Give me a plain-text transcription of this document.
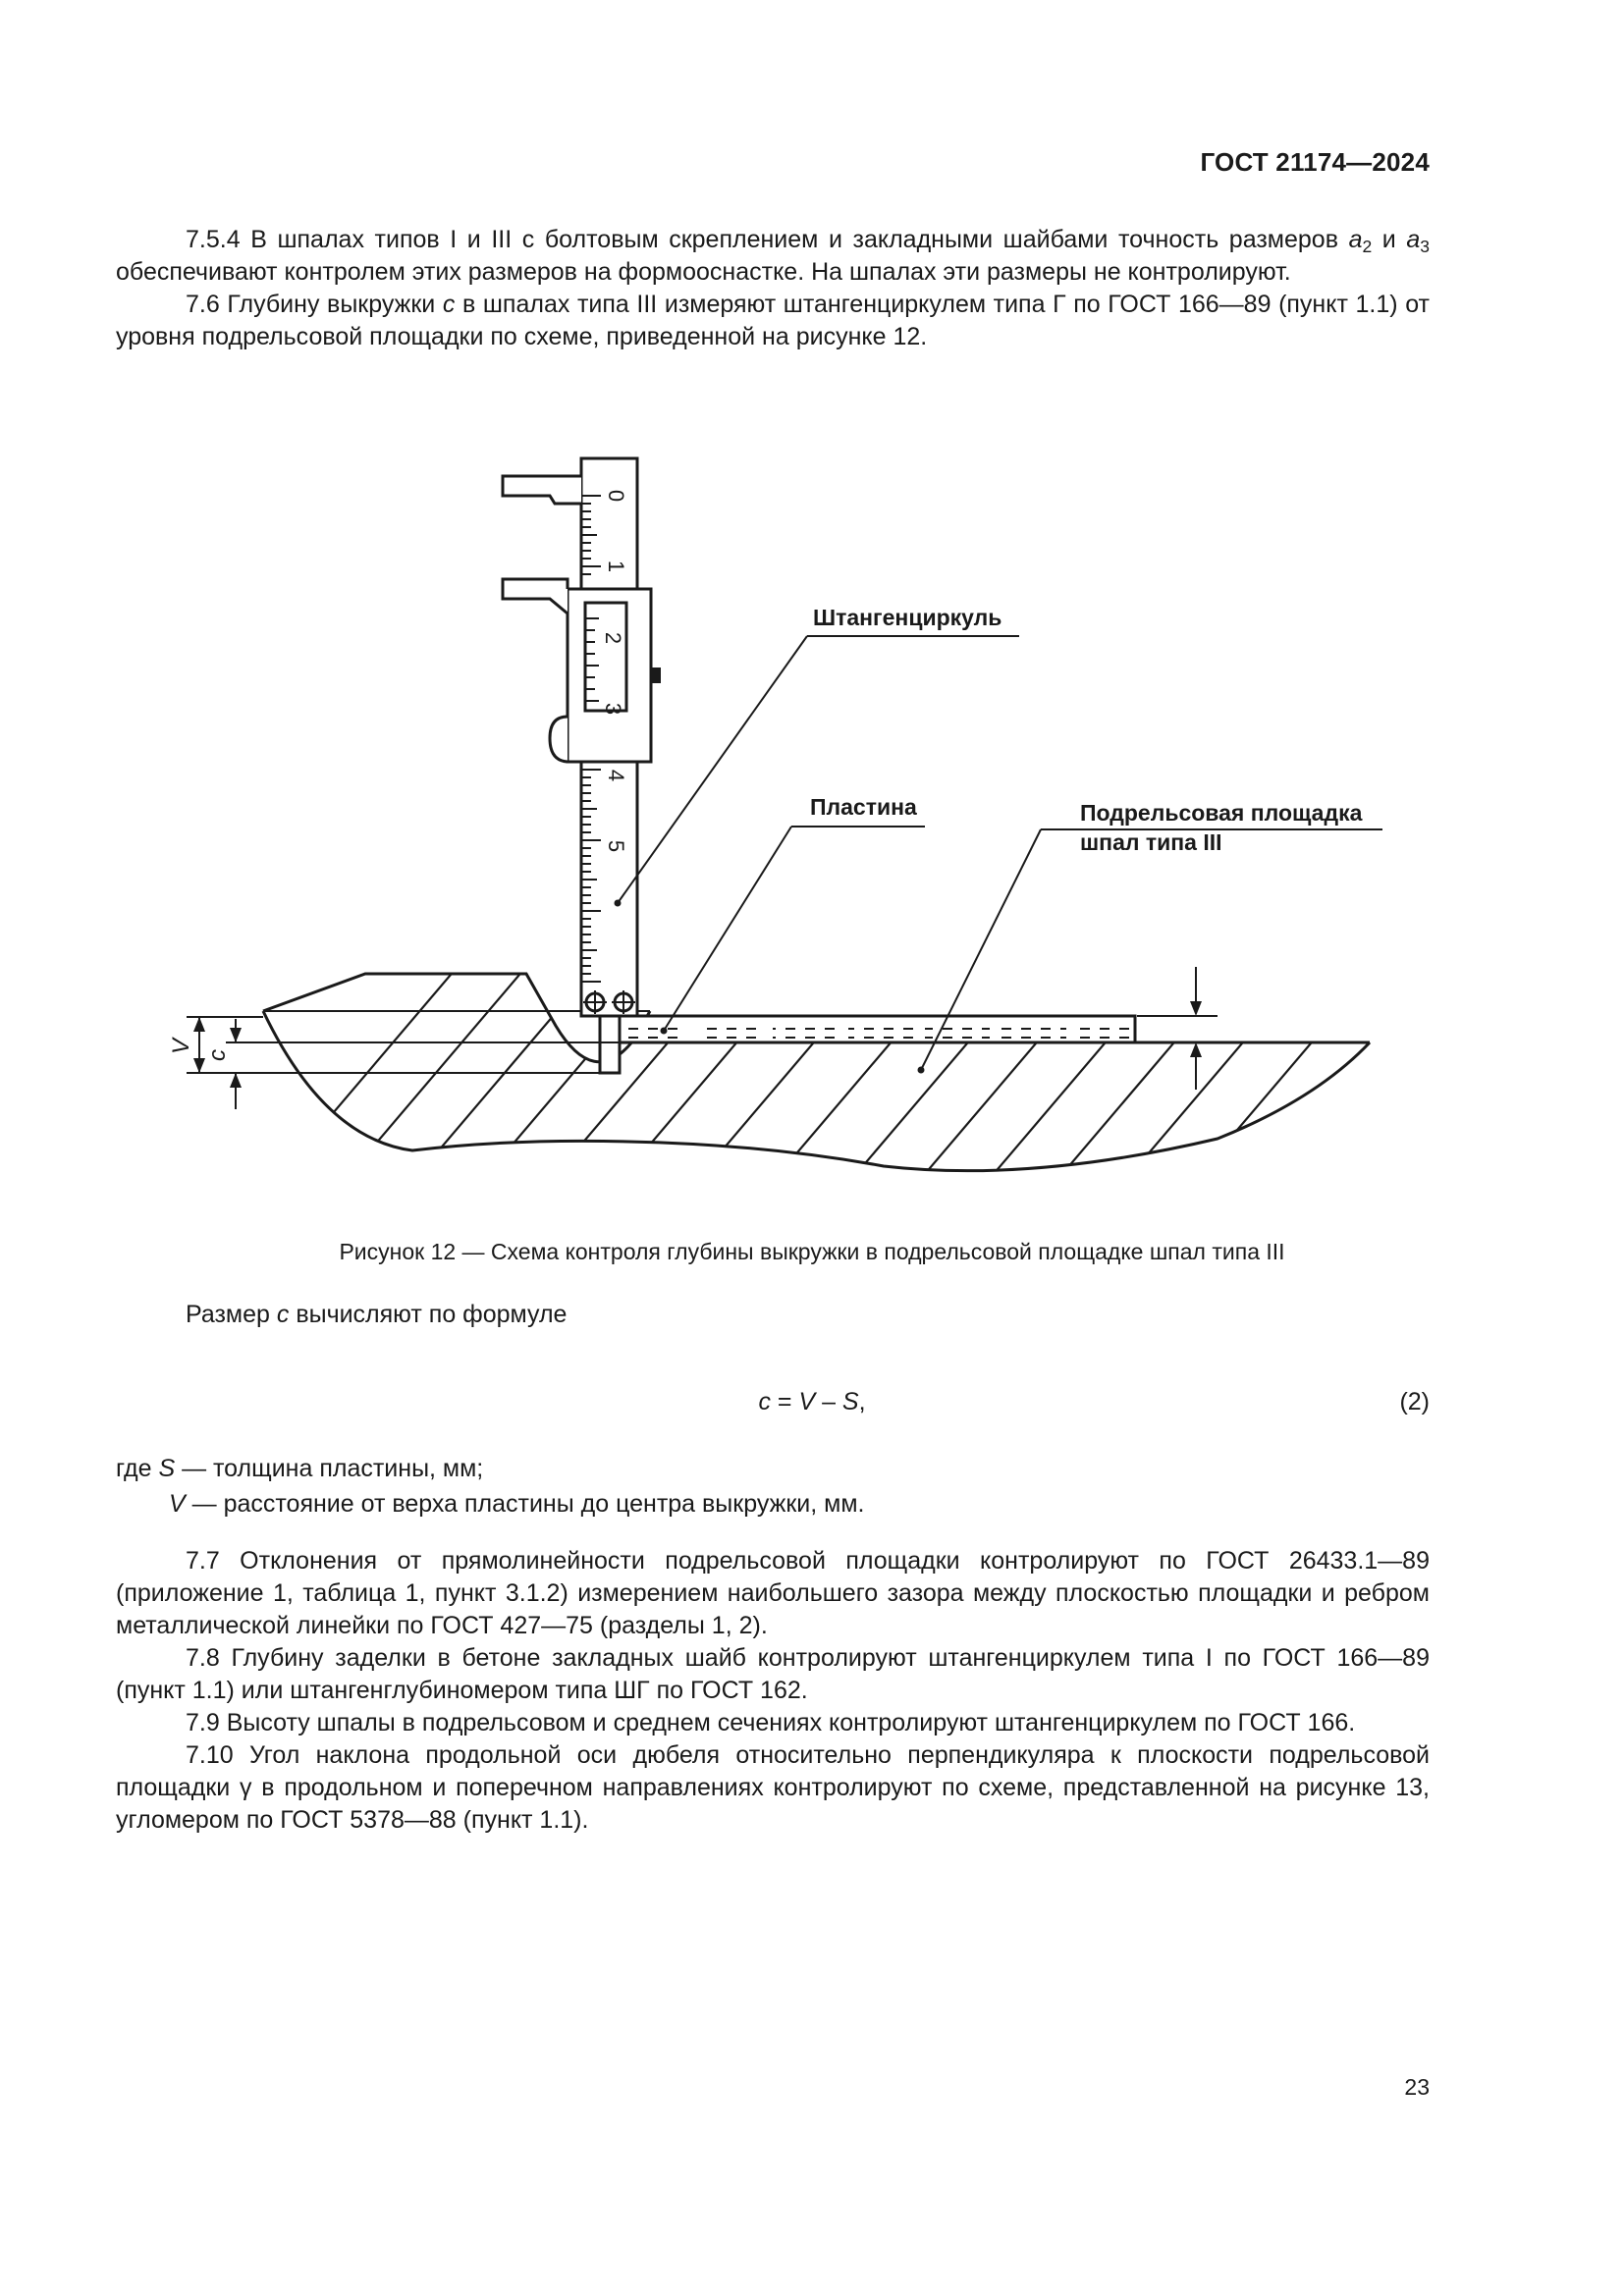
ГОСТ 21174—2024

7.5.4 В шпалах типов I и III с болтовым скреплением и закладными шайбами точность размеров $a_2$ и $a_3$ обеспечивают контролем этих размеров на формооснастке. На шпалах эти размеры не контролируют.

7.6 Глубину выкружки c в шпалах типа III измеряют штангенциркулем типа Г по ГОСТ 166—89 (пункт 1.1) от уровня подрельсовой площадки по схеме, приведенной на рисунке 12.

0
1
2
3
4
5
Штангенциркуль
Пластина	Подрельсовая площадка
шпал типа III
V
c
Рисунок 12 — Схема контроля глубины выкружки в подрельсовой площадке шпал типа III
Размер c вычисляют по формуле
c = V – S,	(2)
где S — толщина пластины, мм;
V — расстояние от верха пластины до центра выкружки, мм.

7.7 Отклонения от прямолинейности подрельсовой площадки контролируют по ГОСТ 26433.1—89 (приложение 1, таблица 1, пункт 3.1.2) измерением наибольшего зазора между плоскостью площадки и ребром металлической линейки по ГОСТ 427—75 (разделы 1, 2).

7.8 Глубину заделки в бетоне закладных шайб контролируют штангенциркулем типа I по ГОСТ 166—89 (пункт 1.1) или штангенглубиномером типа ШГ по ГОСТ 162.

7.9 Высоту шпалы в подрельсовом и среднем сечениях контролируют штангенциркулем по ГОСТ 166.

7.10 Угол наклона продольной оси дюбеля относительно перпендикуляра к плоскости подрельсовой площадки γ в продольном и поперечном направлениях контролируют по схеме, представленной на рисунке 13, угломером по ГОСТ 5378—88 (пункт 1.1).

23
